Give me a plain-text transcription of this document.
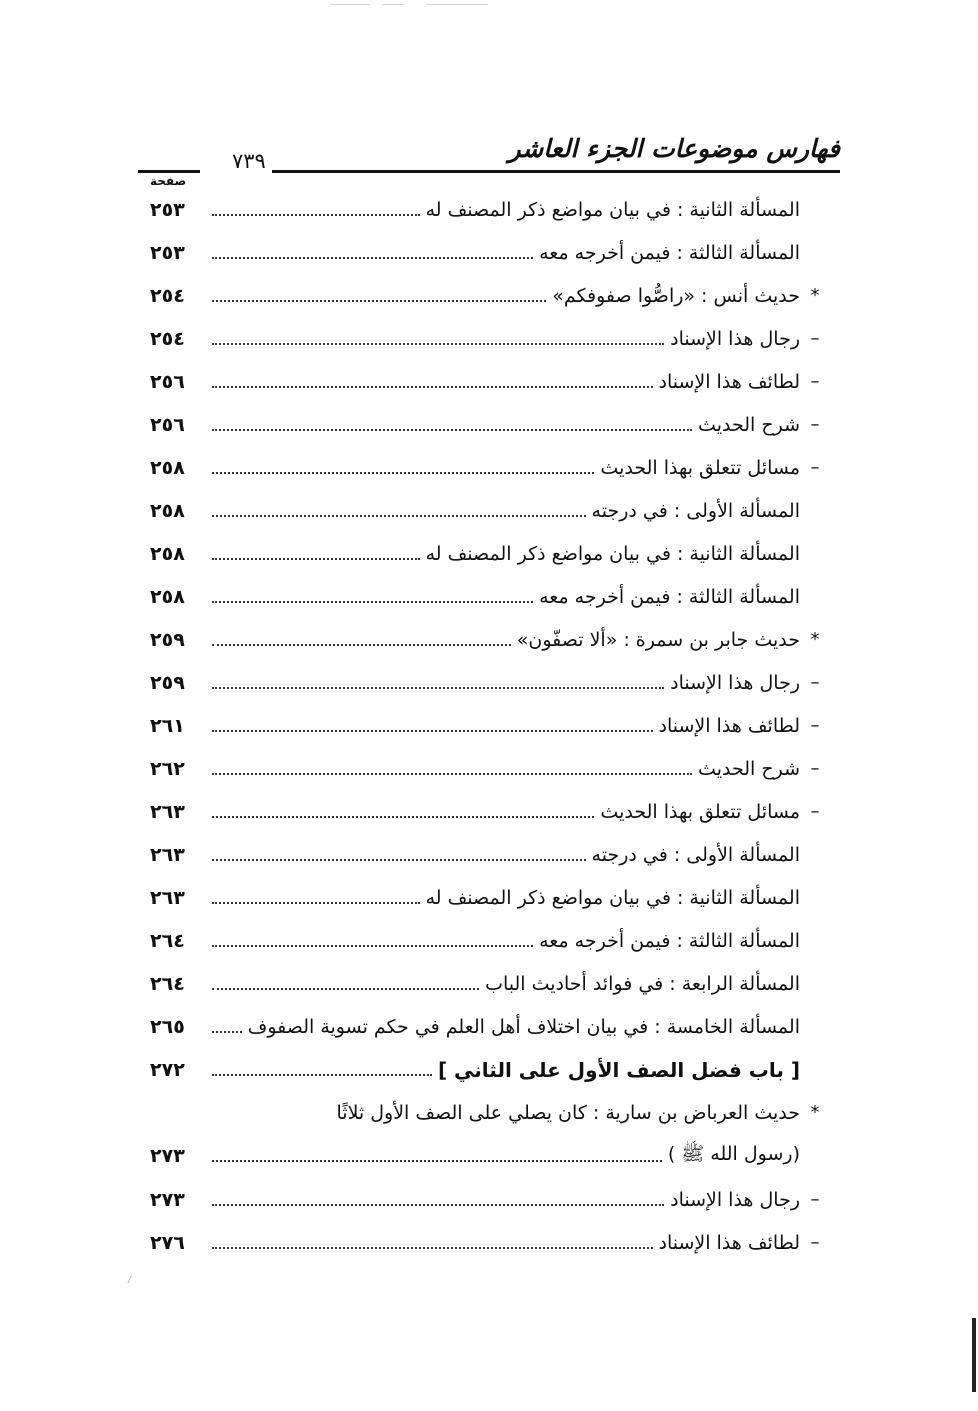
فهارس موضوعات الجزء العاشر
٧٣٩
صفحة
المسألة الثانية : في بيان مواضع ذكر المصنف له
٢٥٣
المسألة الثالثة : فيمن أخرجه معه
٢٥٣
*
حديث أنس : «راصُّوا صفوفكم»
٢٥٤
–
رجال هذا الإسناد
٢٥٤
–
لطائف هذا الإسناد
٢٥٦
–
شرح الحديث
٢٥٦
–
مسائل تتعلق بهذا الحديث
٢٥٨
المسألة الأولى : في درجته
٢٥٨
المسألة الثانية : في بيان مواضع ذكر المصنف له
٢٥٨
المسألة الثالثة : فيمن أخرجه معه
٢٥٨
*
حديث جابر بن سمرة : «ألا تصفّون»
٢٥٩
–
رجال هذا الإسناد
٢٥٩
–
لطائف هذا الإسناد
٢٦١
–
شرح الحديث
٢٦٢
–
مسائل تتعلق بهذا الحديث
٢٦٣
المسألة الأولى : في درجته
٢٦٣
المسألة الثانية : في بيان مواضع ذكر المصنف له
٢٦٣
المسألة الثالثة : فيمن أخرجه معه
٢٦٤
المسألة الرابعة : في فوائد أحاديث الباب
٢٦٤
المسألة الخامسة : في بيان اختلاف أهل العلم في حكم تسوية الصفوف
٢٦٥
[ باب فضل الصف الأول على الثاني ]
٢٧٢
*
حديث العرباض بن سارية : كان يصلي على الصف الأول ثلاثًا
(رسول الله ﷺ )
٢٧٣
–
رجال هذا الإسناد
٢٧٣
–
لطائف هذا الإسناد
٢٧٦
